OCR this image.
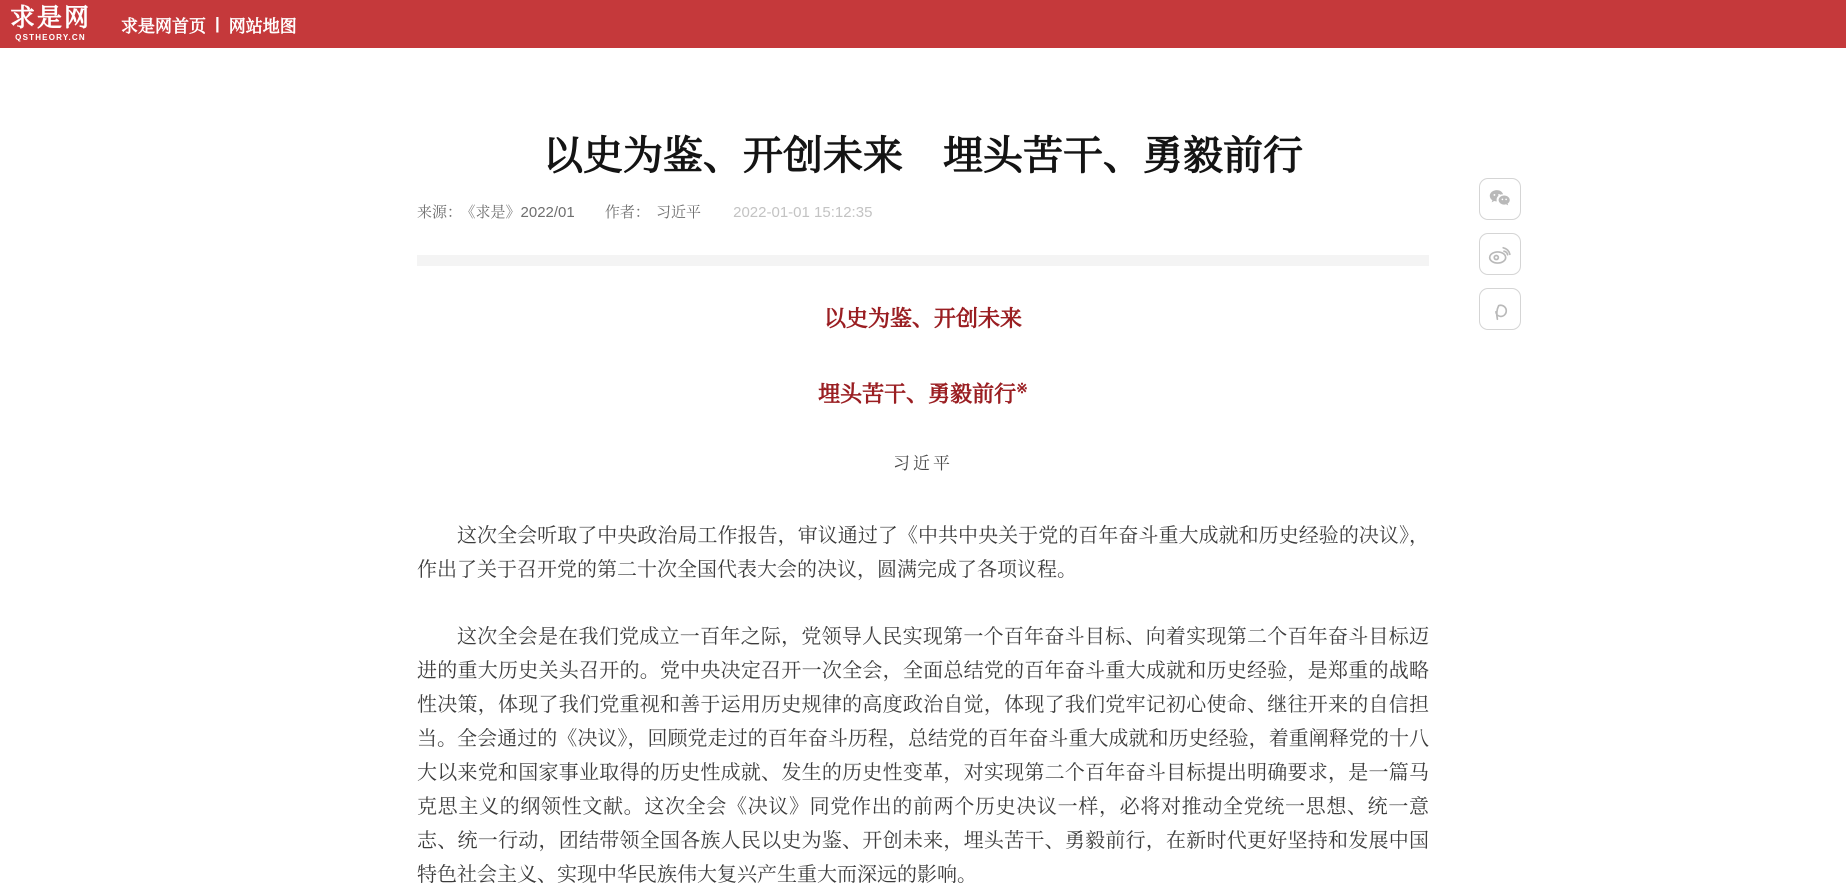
求是网
QSTHEORY.CN
求是网首页 | 网站地图
以史为鉴、开创未来　埋头苦干、勇毅前行
来源： 《求是》2022/01 作者： 习近平 2022-01-01 15:12:35
以史为鉴、开创未来
埋头苦干、勇毅前行※
习近平

这次全会听取了中央政治局工作报告，审议通过了《中共中央关于党的百年奋斗重大成就和历史经验的决议》，作出了关于召开党的第二十次全国代表大会的决议，圆满完成了各项议程。

这次全会是在我们党成立一百年之际，党领导人民实现第一个百年奋斗目标、向着实现第二个百年奋斗目标迈进的重大历史关头召开的。党中央决定召开一次全会，全面总结党的百年奋斗重大成就和历史经验，是郑重的战略性决策，体现了我们党重视和善于运用历史规律的高度政治自觉，体现了我们党牢记初心使命、继往开来的自信担当。全会通过的《决议》，回顾党走过的百年奋斗历程，总结党的百年奋斗重大成就和历史经验，着重阐释党的十八大以来党和国家事业取得的历史性成就、发生的历史性变革，对实现第二个百年奋斗目标提出明确要求，是一篇马克思主义的纲领性文献。这次全会《决议》同党作出的前两个历史决议一样，必将对推动全党统一思想、统一意志、统一行动，团结带领全国各族人民以史为鉴、开创未来，埋头苦干、勇毅前行，在新时代更好坚持和发展中国特色社会主义、实现中华民族伟大复兴产生重大而深远的影响。
